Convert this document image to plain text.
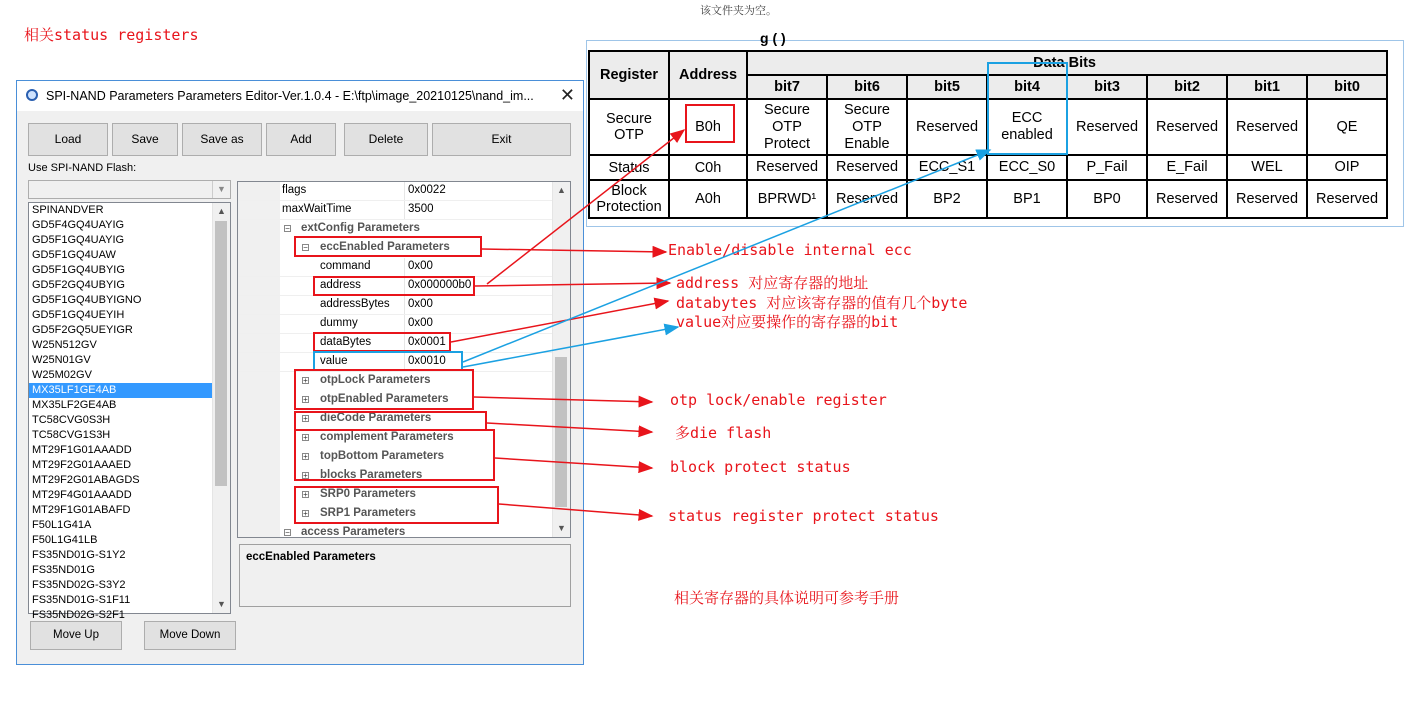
该文件夹为空。
相关status registers
SPI-NAND Parameters Parameters Editor-Ver.1.0.4 - E:\ftp\image_20210125\nand_im... ✕
Load	Save	Save as	Add	Delete	Exit
Use SPI-NAND Flash:
▼
SPINANDVER
GD5F4GQ4UAYIG
GD5F1GQ4UAYIG
GD5F1GQ4UAW
GD5F1GQ4UBYIG
GD5F2GQ4UBYIG
GD5F1GQ4UBYIGNO
GD5F1GQ4UEYIH
GD5F2GQ5UEYIGR
W25N512GV
W25N01GV
W25M02GV
MX35LF1GE4AB
MX35LF2GE4AB
TC58CVG0S3H
TC58CVG1S3H
MT29F1G01AAADD
MT29F2G01AAAED
MT29F2G01ABAGDS
MT29F4G01AAADD
MT29F1G01ABAFD
F50L1G41A
F50L1G41LB
FS35ND01G-S1Y2
FS35ND01G
FS35ND02G-S3Y2
FS35ND01G-S1F11
FS35ND02G-S2F1
▲
▼
Move Up	Move Down
flags	0x0022
maxWaitTime	3500
− extConfig Parameters
− eccEnabled Parameters
command	0x00
address	0x000000b0
addressBytes 0x00
dummy	0x00
dataBytes	0x0001
value	0x0010
+ otpLock Parameters
+ otpEnabled Parameters
+ dieCode Parameters
+ complement Parameters
+ topBottom Parameters
+ blocks Parameters
+ SRP0 Parameters
+ SRP1 Parameters
− access Parameters
▲
▼
eccEnabled Parameters
g ( )
Register	Address	Data Bits							
		bit7	bit6	bit5	bit4	bit3	bit2	bit1	bit0
Secure OTP	B0h	Secure OTP Protect	Secure OTP Enable	Reserved	ECC enabled	Reserved	Reserved	Reserved	QE
Status	C0h	Reserved	Reserved	ECC_S1	ECC_S0	P_Fail	E_Fail	WEL	OIP
Block Protection	A0h	BPRWD¹	Reserved	BP2	BP1	BP0	Reserved	Reserved	Reserved
Enable/disable internal ecc
address 对应寄存器的地址
databytes 对应该寄存器的值有几个byte
value对应要操作的寄存器的bit
otp lock/enable register
多die flash
block protect status
status register protect status
相关寄存器的具体说明可参考手册
